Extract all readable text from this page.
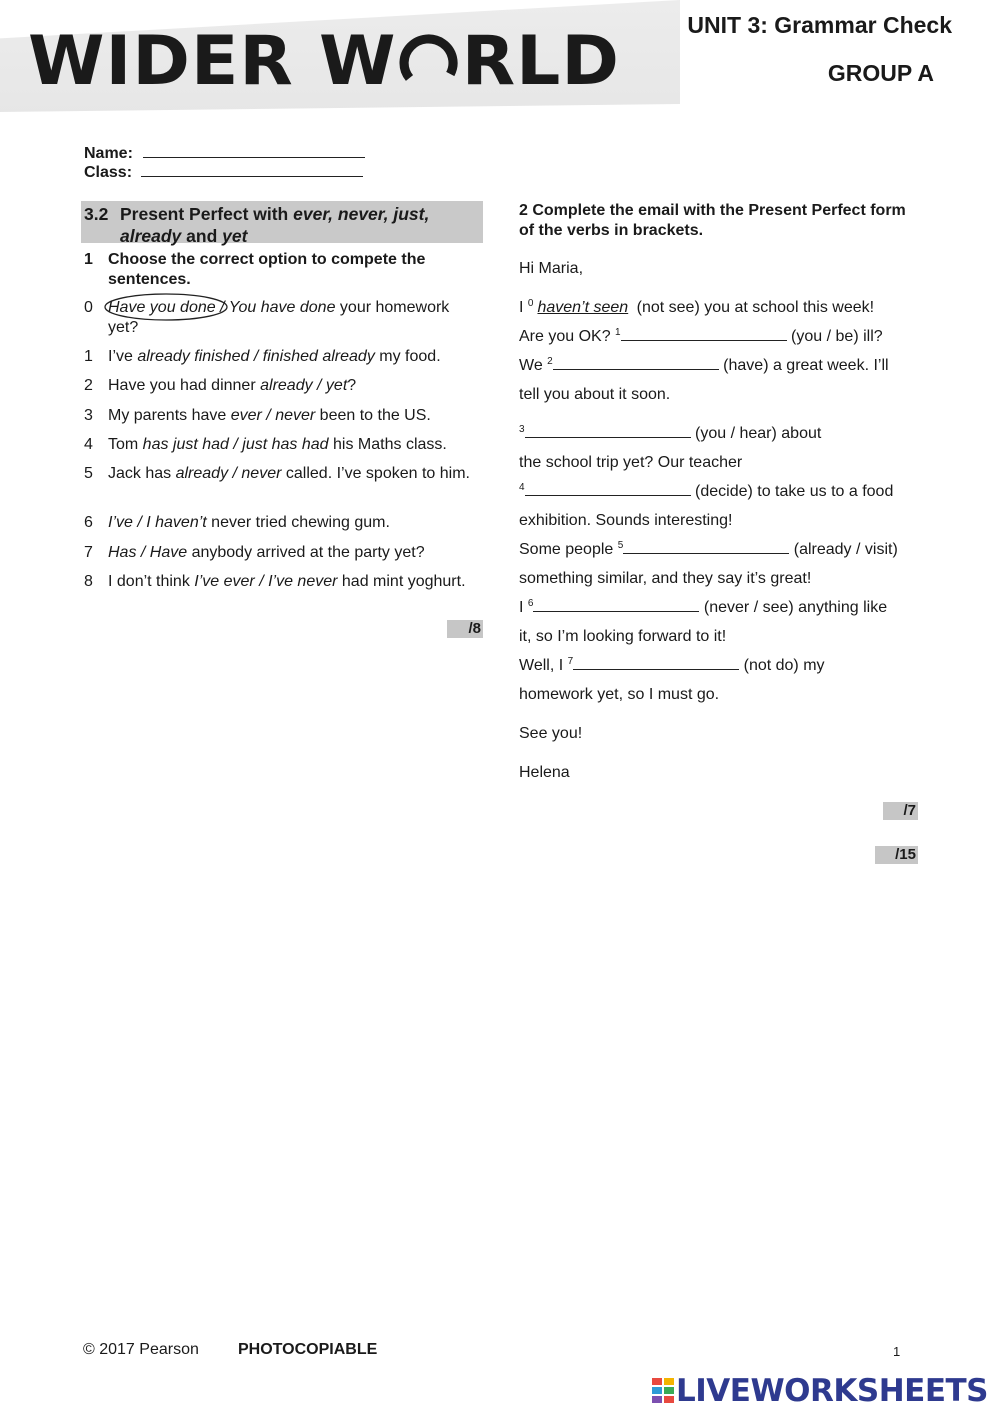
WIDER W RLD	UNIT 3: Grammar Check
GROUP A
Name:
Class:
3.2 Present Perfect with ever, never, just,
already and yet
1 Choose the correct option to compete the sentences.
0 Have you done / You have done your homework yet?
1 I’ve already finished / finished already my food.
2 Have you had dinner already / yet?
3 My parents have ever / never been to the US.
4 Tom has just had / just has had his Maths class.
5 Jack has already / never called. I’ve spoken to him.
6 I’ve / I haven’t never tried chewing gum.
7 Has / Have anybody arrived at the party yet?
8 I don’t think I’ve ever / I’ve never had mint yoghurt.
/8
2 Complete the email with the Present Perfect form of the verbs in brackets.
Hi Maria,
I $^0$ haven’t seen (not see) you at school this week!
Are you OK? $^1$	(you / be) ill?
We $^2$	(have) a great week. I’ll
tell you about it soon.
$^3$	(you / hear) about
the school trip yet? Our teacher
$^4$	(decide) to take us to a food
exhibition. Sounds interesting!
Some people $^5$	(already / visit)
something similar, and they say it’s great!
I $^6$	(never / see) anything like
it, so I’m looking forward to it!
Well, I $^7$	(not do) my
homework yet, so I must go.
See you!
Helena
/7
/15
© 2017 Pearson PHOTOCOPIABLE	1
LIVEWORKSHEETS
